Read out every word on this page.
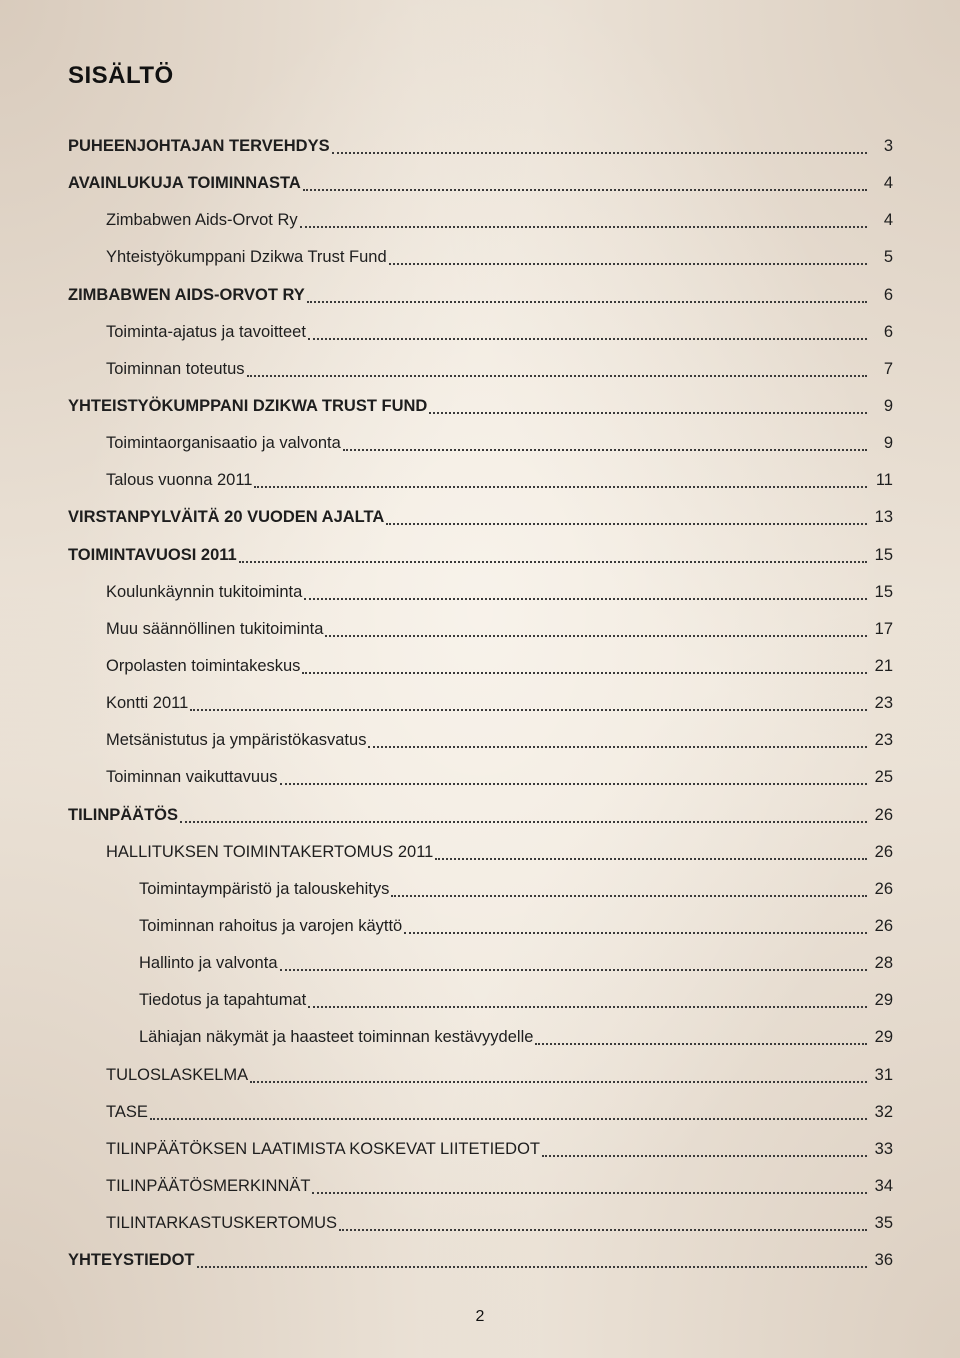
SISÄLTÖ
PUHEENJOHTAJAN TERVEHDYS	3
AVAINLUKUJA TOIMINNASTA	4
Zimbabwen Aids-Orvot Ry	4
Yhteistyökumppani Dzikwa Trust Fund	5
ZIMBABWEN AIDS-ORVOT RY	6
Toiminta-ajatus ja tavoitteet	6
Toiminnan toteutus	7
YHTEISTYÖKUMPPANI DZIKWA TRUST FUND	9
Toimintaorganisaatio ja valvonta	9
Talous vuonna 2011	11
VIRSTANPYLVÄITÄ 20 VUODEN AJALTA	13
TOIMINTAVUOSI 2011	15
Koulunkäynnin tukitoiminta	15
Muu säännöllinen tukitoiminta	17
Orpolasten toimintakeskus	21
Kontti 2011	23
Metsänistutus ja ympäristökasvatus	23
Toiminnan vaikuttavuus	25
TILINPÄÄTÖS	26
HALLITUKSEN TOIMINTAKERTOMUS 2011	26
Toimintaympäristö ja talouskehitys	26
Toiminnan rahoitus ja varojen käyttö	26
Hallinto ja valvonta	28
Tiedotus ja tapahtumat	29
Lähiajan näkymät ja haasteet toiminnan kestävyydelle	29
TULOSLASKELMA	31
TASE	32
TILINPÄÄTÖKSEN LAATIMISTA KOSKEVAT LIITETIEDOT	33
TILINPÄÄTÖSMERKINNÄT	34
TILINTARKASTUSKERTOMUS	35
YHTEYSTIEDOT	36
2
